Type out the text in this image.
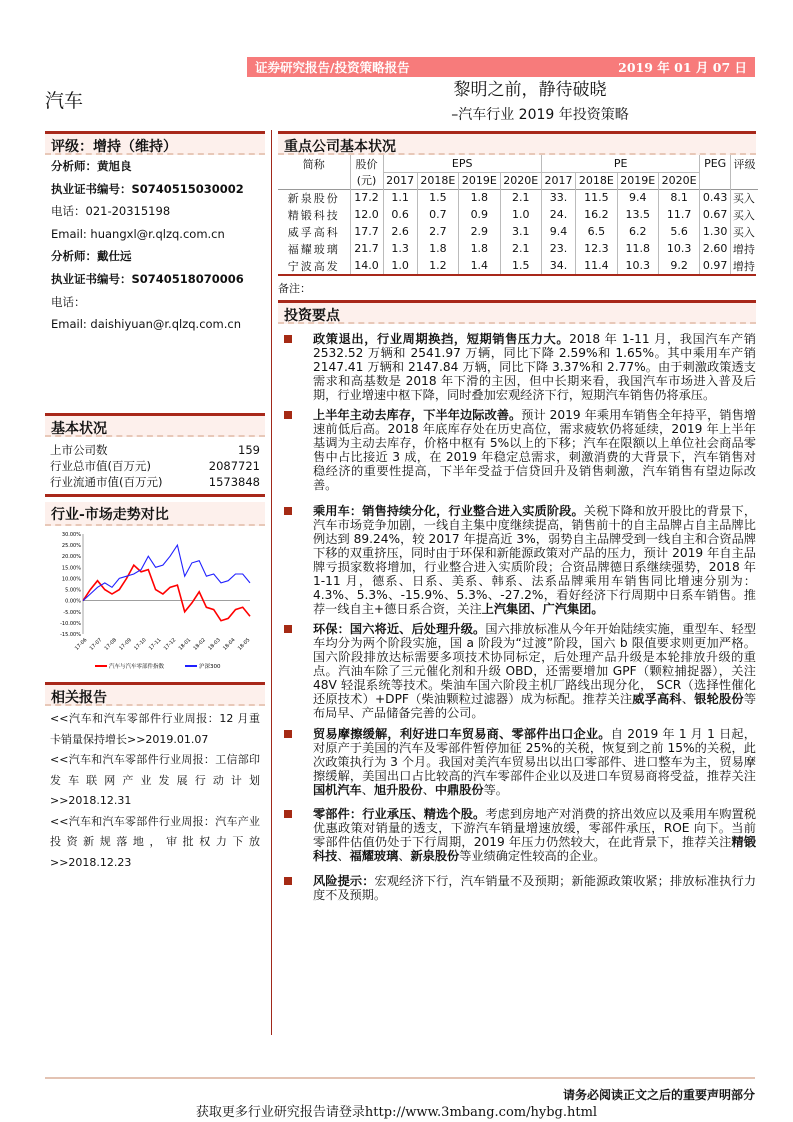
证券研究报告/投资策略报告	2019 年 01 月 07 日
汽车	黎明之前，静待破晓
–汽车行业 2019 年投资策略
评级：增持（维持）
分析师：黄旭良
执业证书编号：S0740515030002
电话：021-20315198
Email: huangxl@r.qlzq.com.cn
分析师：戴仕远
执业证书编号：S0740518070006
电话：
Email: daishiyuan@r.qlzq.com.cn
基本状况
上市公司数	159
行业总市值(百万元)	2087721
行业流通市值(百万元)	1573848
行业-市场走势对比
30.00%
25.00%
20.00%
15.00%
10.00%
5.00%
0.00%
-5.00%
-10.00%
-15.00%
17-06 17-07 17-08 17-09 17-10 17-11 17-12 18-01 18-02 18-03 18-04 18-05
汽车与汽车零部件指数	沪深300
相关报告
<<汽车和汽车零部件行业周报：12 月重卡销量保持增长>>2019.01.07
<<汽车和汽车零部件行业周报：工信部印发车联网产业发展行动计划>>2018.12.31
<<汽车和汽车零部件行业周报：汽车产业投资新规落地，审批权力下放>>2018.12.23
重点公司基本状况
简称	股价	EPS				PE				PEG	评级
	(元)	2017	2018E	2019E	2020E	2017	2018E	2019E	2020E		
新泉股份	17.2	1.1	1.5	1.8	2.1	33.	11.5	9.4	8.1	0.43	买入
精锻科技	12.0	0.6	0.7	0.9	1.0	24.	16.2	13.5	11.7	0.67	买入
威孚高科	17.7	2.6	2.7	2.9	3.1	9.4	6.5	6.2	5.6	1.30	买入
福耀玻璃	21.7	1.3	1.8	1.8	2.1	23.	12.3	11.8	10.3	2.60	增持
宁波高发	14.0	1.0	1.2	1.4	1.5	34.	11.4	10.3	9.2	0.97	增持
备注：
投资要点
政策退出，行业周期换挡，短期销售压力大。2018 年 1-11 月，我国汽车产销 2532.52 万辆和 2541.97 万辆，同比下降 2.59%和 1.65%。其中乘用车产销 2147.41 万辆和 2147.84 万辆，同比下降 3.37%和 2.77%。由于刺激政策透支需求和高基数是 2018 年下滑的主因，但中长期来看，我国汽车市场进入普及后期，行业增速中枢下降，同时叠加宏观经济下行，短期汽车销售仍将承压。
上半年主动去库存，下半年边际改善。预计 2019 年乘用车销售全年持平，销售增速前低后高。2018 年底库存处在历史高位，需求疲软仍将延续，2019 年上半年基调为主动去库存，价格中枢有 5%以上的下移；汽车在限额以上单位社会商品零售中占比接近 3 成，在 2019 年稳定总需求，刺激消费的大背景下，汽车销售对稳经济的重要性提高，下半年受益于信贷回升及销售刺激，汽车销售有望边际改善。
乘用车：销售持续分化，行业整合进入实质阶段。关税下降和放开股比的背景下，汽车市场竞争加剧，一线自主集中度继续提高，销售前十的自主品牌占自主品牌比例达到 89.24%，较 2017 年提高近 3%，弱势自主品牌受到一线自主和合资品牌下移的双重挤压，同时由于环保和新能源政策对产品的压力，预计 2019 年自主品牌亏损家数将增加，行业整合进入实质阶段；合资品牌德日系继续强势，2018 年 1-11 月，德系、日系、美系、韩系、法系品牌乘用车销售同比增速分别为：4.3%、5.3%、-15.9%、5.3%、-27.2%，看好经济下行周期中日系车销售。推荐一线自主+德日系合资，关注上汽集团、广汽集团。
环保：国六将近、后处理升级。国六排放标准从今年开始陆续实施，重型车、轻型车均分为两个阶段实施，国 a 阶段为“过渡”阶段，国六 b 限值要求则更加严格。国六阶段排放达标需要多项技术协同标定，后处理产品升级是本轮排放升级的重点。汽油车除了三元催化剂和升级 OBD，还需要增加 GPF（颗粒捕捉器），关注 48V 轻混系统等技术。柴油车国六阶段主机厂路线出现分化， SCR（选择性催化还原技术）+DPF（柴油颗粒过滤器）成为标配。推荐关注威孚高科、银轮股份等布局早、产品储备完善的公司。
贸易摩擦缓解，利好进口车贸易商、零部件出口企业。自 2019 年 1 月 1 日起，对原产于美国的汽车及零部件暂停加征 25%的关税，恢复到之前 15%的关税，此次政策执行为 3 个月。我国对美汽车贸易出以出口零部件、进口整车为主，贸易摩擦缓解，美国出口占比较高的汽车零部件企业以及进口车贸易商将受益，推荐关注国机汽车、旭升股份、中鼎股份等。
零部件：行业承压、精选个股。考虑到房地产对消费的挤出效应以及乘用车购置税优惠政策对销量的透支，下游汽车销量增速放缓，零部件承压，ROE 向下。当前零部件估值仍处于下行周期，2019 年压力仍然较大，在此背景下，推荐关注精锻科技、福耀玻璃、新泉股份等业绩确定性较高的企业。
风险提示：宏观经济下行，汽车销量不及预期；新能源政策收紧；排放标准执行力度不及预期。
请务必阅读正文之后的重要声明部分
获取更多行业研究报告请登录http://www.3mbang.com/hybg.html
